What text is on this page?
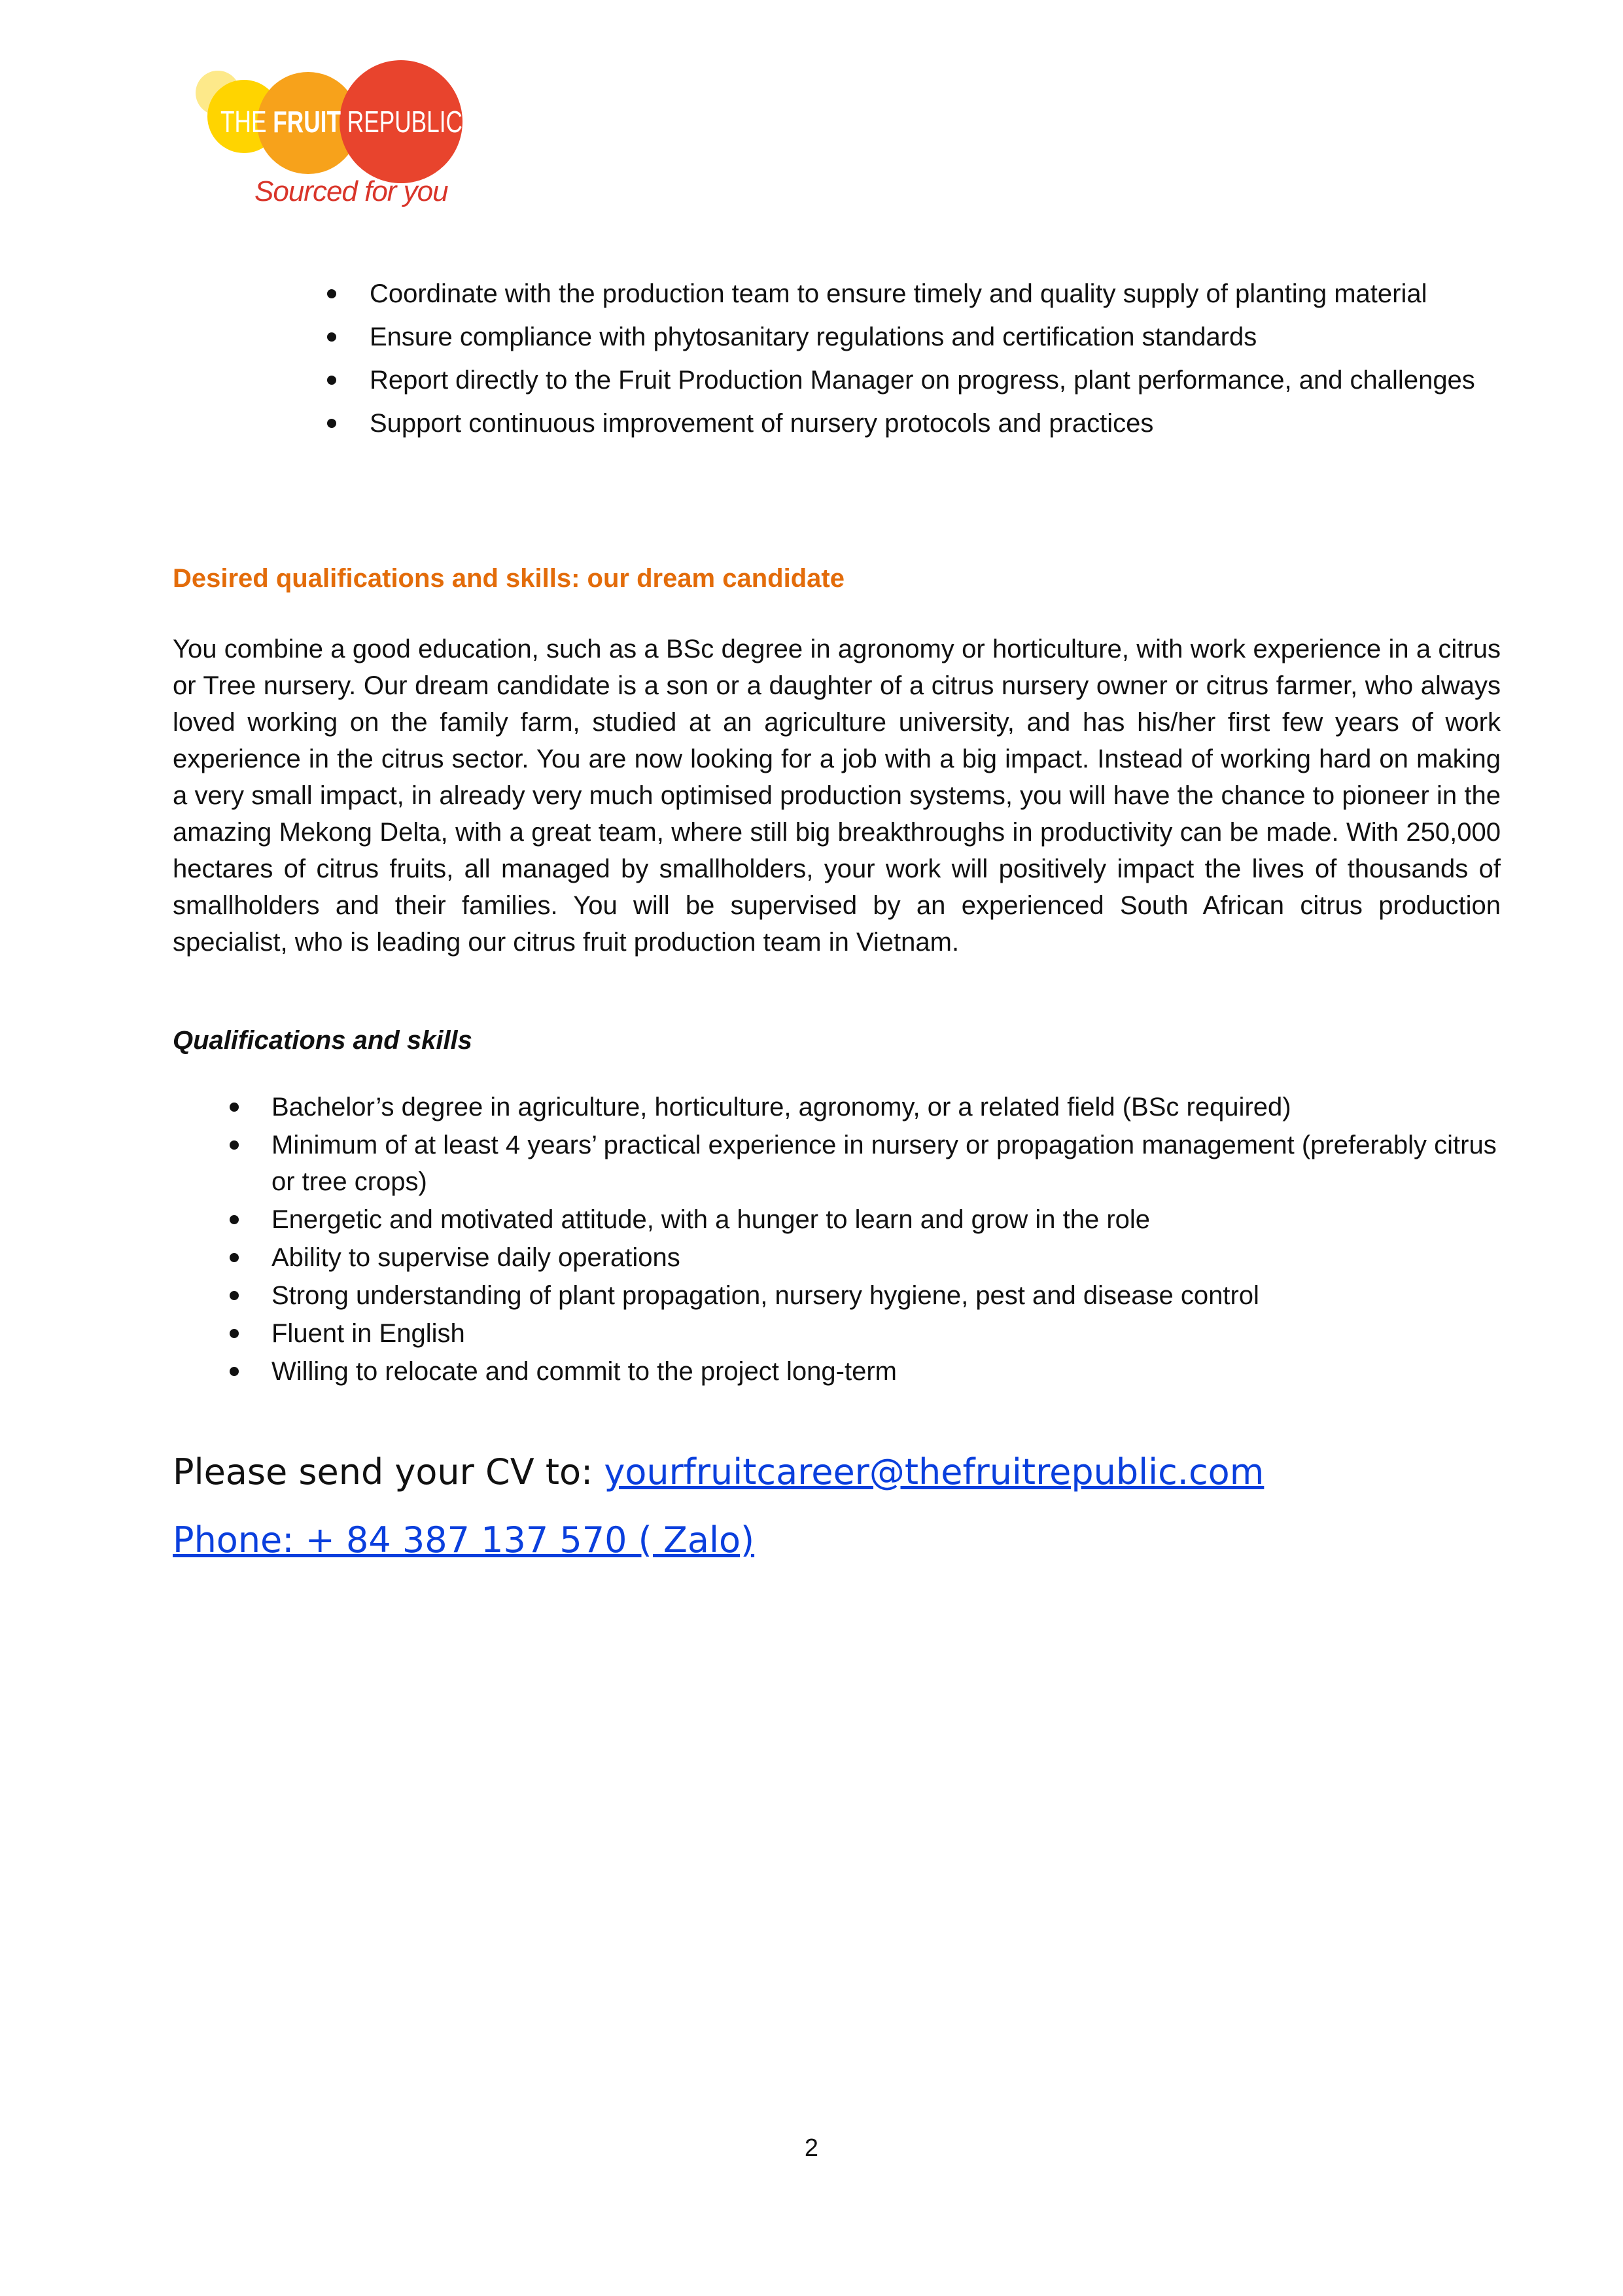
THE FRUIT REPUBLIC
Sourced for you
Coordinate with the production team to ensure timely and quality supply of planting material
Ensure compliance with phytosanitary regulations and certification standards
Report directly to the Fruit Production Manager on progress, plant performance, and challenges
Support continuous improvement of nursery protocols and practices
Desired qualifications and skills: our dream candidate

You combine a good education, such as a BSc degree in agronomy or horticulture, with work experience in a citrus or Tree nursery. Our dream candidate is a son or a daughter of a citrus nursery owner or citrus farmer, who always loved working on the family farm, studied at an agriculture university, and has his/her first few years of work experience in the citrus sector. You are now looking for a job with a big impact. Instead of working hard on making a very small impact, in already very much optimised production systems, you will have the chance to pioneer in the amazing Mekong Delta, with a great team, where still big breakthroughs in productivity can be made. With 250,000 hectares of citrus fruits, all managed by smallholders, your work will positively impact the lives of thousands of smallholders and their families. You will be supervised by an experienced South African citrus production specialist, who is leading our citrus fruit production team in Vietnam.

Qualifications and skills
Bachelor’s degree in agriculture, horticulture, agronomy, or a related field (BSc required)
Minimum of at least 4 years’ practical experience in nursery or propagation management (preferably citrus or tree crops)
Energetic and motivated attitude, with a hunger to learn and grow in the role
Ability to supervise daily operations
Strong understanding of plant propagation, nursery hygiene, pest and disease control
Fluent in English
Willing to relocate and commit to the project long-term
Please send your CV to: yourfruitcareer@thefruitrepublic.com
Phone: + 84 387 137 570 ( Zalo)
2
